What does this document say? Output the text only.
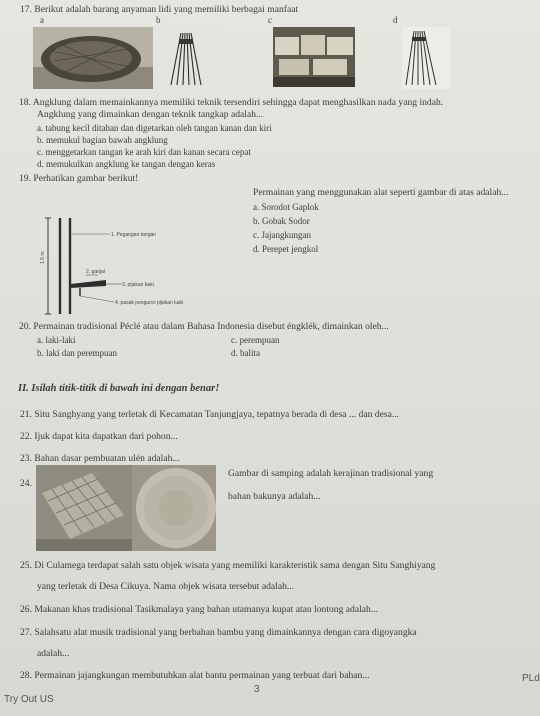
17. Berikut adalah barang anyaman lidi yang memiliki berbagai manfaat
a	b	c	d
18. Angklung dalam memainkannya memiliki teknik tersendiri sehingga dapat menghasilkan nada yang indah.
Angklung yang dimainkan dengan teknik tangkap adalah...
a. tabung kecil ditahan dan digetarkan oleh tangan kanan dan kiri
b. memukul bagian bawah angklung
c. menggetarkan tangan ke arah kiri dan kanan secara cepat
d. memukulkan angklung ke tangan dengan keras
19. Perhatikan gambar berikut!
Permainan yang menggunakan alat seperti gambar di atas adalah...
a. Sorodot Gaplok
b. Gobak Sodor
c. Jajangkungan
d. Perepet jengkol
1.5 m
1. Pegangan tangan
2. ganjal
3. pijakan kaki
4. pasak pengunci pijakan kaki
20. Permainan tradisional Péclé atau dalam Bahasa Indonesia disebut éngklék, dimainkan oleh...
a. laki-laki	c. perempuan
b. laki dan perempuan	d. balita
II. Isilah titik-titik di bawah ini dengan benar!
21. Situ Sanghyang yang terletak di Kecamatan Tanjungjaya, tepatnya berada di desa ... dan desa...
22. Ijuk dapat kita dapatkan dari pohon...
23. Bahan dasar pembuatan ulén adalah...
24.
Gambar di samping adalah kerajinan tradisional yang
bahan bakunya adalah...
25. Di Culamega terdapat salah satu objek wisata yang memiliki karakteristik sama dengan Situ Sanghiyang
yang terletak di Desa Cikuya. Nama objek wisata tersebut adalah...
26. Makanan khas tradisional Tasikmalaya yang bahan utamanya kupat atau lontong adalah...
27. Salahsatu alat musik tradisional yang berbahan bambu yang dimainkannya dengan cara digoyangka
adalah...
28. Permainan jajangkungan membutuhkan alat bantu permainan yang terbuat dari bahan...
3
Try Out US
PLd
